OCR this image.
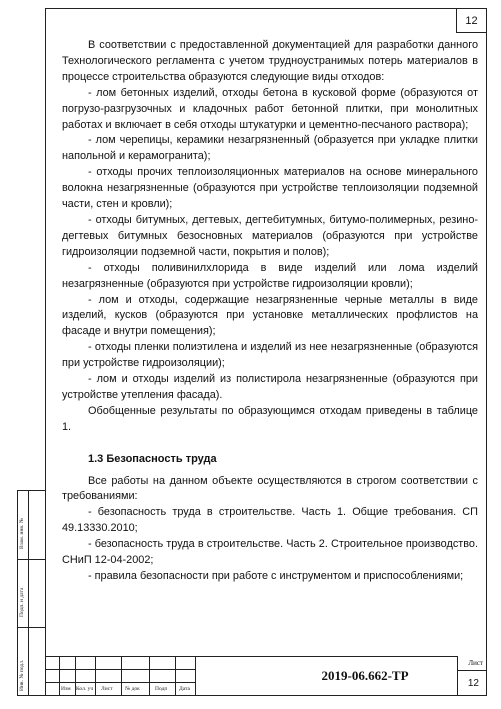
12

В соответствии с предоставленной документацией для разработки данного Технологического регламента с учетом трудноустранимых потерь материалов в процессе строительства образуются следующие виды отходов:

- лом бетонных изделий, отходы бетона в кусковой форме (образуются от погрузо-разгрузочных и кладочных работ бетонной плитки, при монолитных работах и включает в себя отходы штукатурки и цементно-песчаного раствора);

- лом черепицы, керамики незагрязненный (образуется при укладке плитки напольной и керамогранита);

- отходы прочих теплоизоляционных материалов на основе минерального волокна незагрязненные (образуются при устройстве теплоизоляции подземной части, стен и кровли);

- отходы битумных, дегтевых, дегтебитумных, битумо-полимерных, резино-дегтевых битумных безосновных материалов (образуются при устройстве гидроизоляции подземной части, покрытия и полов);

- отходы поливинилхлорида в виде изделий или лома изделий незагрязненные (образуются при устройстве гидроизоляции кровли);

- лом и отходы, содержащие незагрязненные черные металлы в виде изделий, кусков (образуются при установке металлических профлистов на фасаде и внутри помещения);

- отходы пленки полиэтилена и изделий из нее незагрязненные (образуются при устройстве гидроизоляции);

- лом и отходы изделий из полистирола незагрязненные (образуются при устройстве утепления фасада).

Обобщенные результаты по образующимся отходам приведены в таблице 1.

1.3 Безопасность труда

Все работы на данном объекте осуществляются в строгом соответствии с требованиями:

- безопасность труда в строительстве. Часть 1. Общие требования. СП 49.13330.2010;

- безопасность труда в строительстве. Часть 2. Строительное производство. СНиП 12-04-2002;

- правила безопасности при работе с инструментом и приспособлениями;

Взам. инв. №
Подп. и дата
Инв. № подл.	Изм Кол. уч Лист № док	Подп Дата
2019-06.662-ТР
Лист
12
